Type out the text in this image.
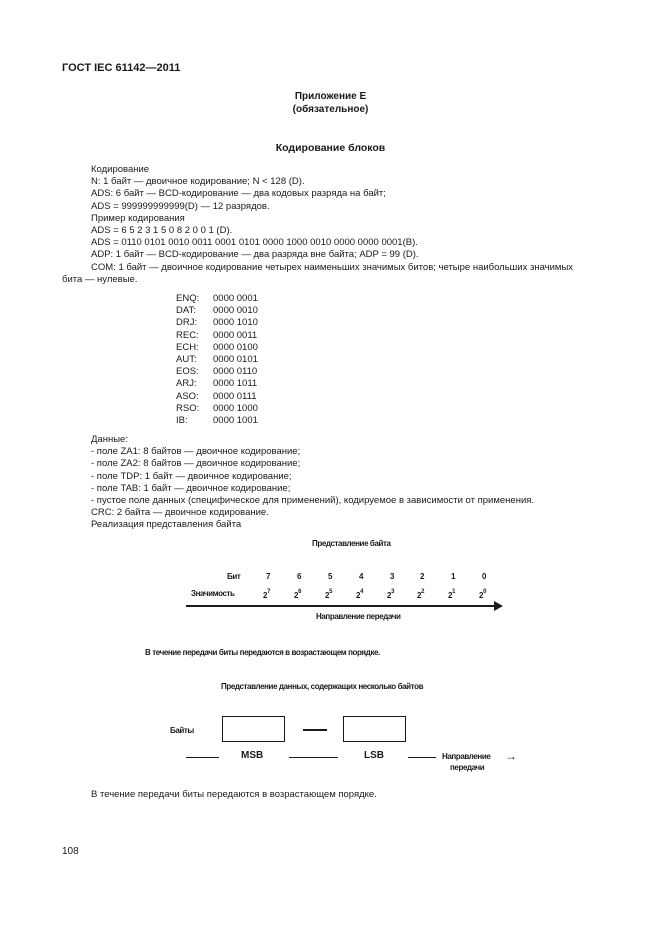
ГОСТ IEC 61142—2011
Приложение E
(обязательное)
Кодирование блоков
Кодирование
N: 1 байт — двоичное кодирование; N < 128 (D).
ADS: 6 байт — BCD-кодирование — два кодовых разряда на байт;
ADS = 999999999999(D) — 12 разрядов.
Пример кодирования
ADS = 6 5 2 3 1 5 0 8 2 0 0 1 (D).
ADS = 0110 0101 0010 0011 0001 0101 0000 1000 0010 0000 0000 0001(B).
ADP: 1 байт — BCD-кодирование — два разряда вне байта; ADP = 99 (D).
COM: 1 байт — двоичное кодирование четырех наименьших значимых битов; четыре наибольших значимых
бита — нулевые.
ENQ: 0000 0001
DAT: 0000 0010
DRJ: 0000 1010
REC: 0000 0011
ECH: 0000 0100
AUT: 0000 0101
EOS: 0000 0110
ARJ: 0000 1011
ASO: 0000 0111
RSO: 0000 1000
IB:	0000 1001
Данные:
- поле ZA1: 8 байтов — двоичное кодирование;
- поле ZA2: 8 байтов — двоичное кодирование;
- поле TDP: 1 байт — двоичное кодирование;
- поле TAB: 1 байт — двоичное кодирование;
- пустое поле данных (специфическое для применений), кодируемое в зависимости от применения.
CRC: 2 байта — двоичное кодирование.
Реализация представления байта
Представление байта
Бит
Значимость
7
$2^7$
6
$2^6$
5
$2^5$
4
$2^4$
3
$2^3$
2
$2^2$
1
$2^1$
0
$2^0$
Направление передачи
В течение передачи биты передаются в возрастающем порядке.
Представление данных, содержащих несколько байтов
Байты
MSB	LSB	Направление →
передачи
В течение передачи биты передаются в возрастающем порядке.
108
